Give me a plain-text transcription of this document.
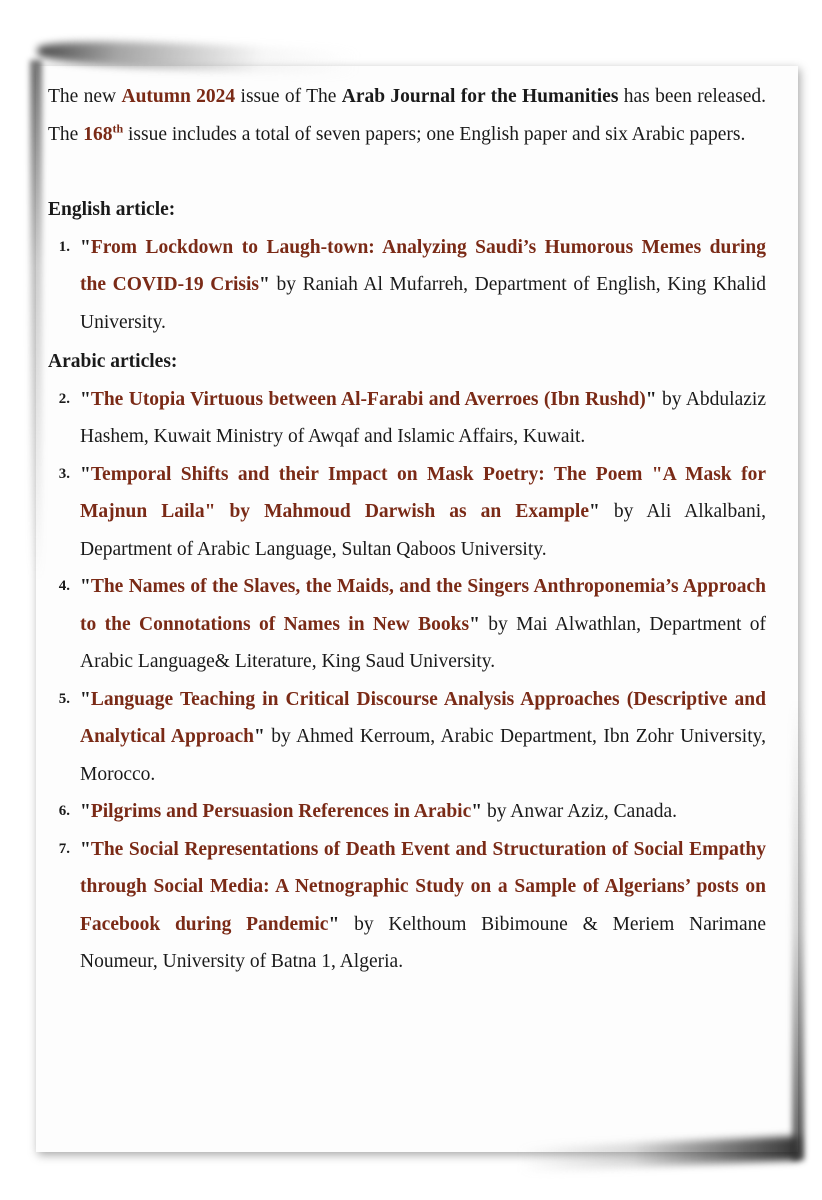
The new Autumn 2024 issue of The Arab Journal for the Humanities has been released. The 168th issue includes a total of seven papers; one English paper and six Arabic papers.

English article:

1. "From Lockdown to Laugh-town: Analyzing Saudi’s Humorous Memes during the COVID-19 Crisis" by Raniah Al Mufarreh, Department of English, King Khalid University.

Arabic articles:

2. "The Utopia Virtuous between Al-Farabi and Averroes (Ibn Rushd)" by Abdulaziz Hashem, Kuwait Ministry of Awqaf and Islamic Affairs, Kuwait.
3. "Temporal Shifts and their Impact on Mask Poetry: The Poem "A Mask for Majnun Laila" by Mahmoud Darwish as an Example" by Ali Alkalbani, Department of Arabic Language, Sultan Qaboos University.
4. "The Names of the Slaves, the Maids, and the Singers Anthroponemia’s Approach to the Connotations of Names in New Books" by Mai Alwathlan, Department of Arabic Language& Literature, King Saud University.
5. "Language Teaching in Critical Discourse Analysis Approaches (Descriptive and Analytical Approach" by Ahmed Kerroum, Arabic Department, Ibn Zohr University, Morocco.
6. "Pilgrims and Persuasion References in Arabic" by Anwar Aziz, Canada.
7. "The Social Representations of Death Event and Structuration of Social Empathy through Social Media: A Netnographic Study on a Sample of Algerians’ posts on Facebook during Pandemic" by Kelthoum Bibimoune & Meriem Narimane Noumeur, University of Batna 1, Algeria.
